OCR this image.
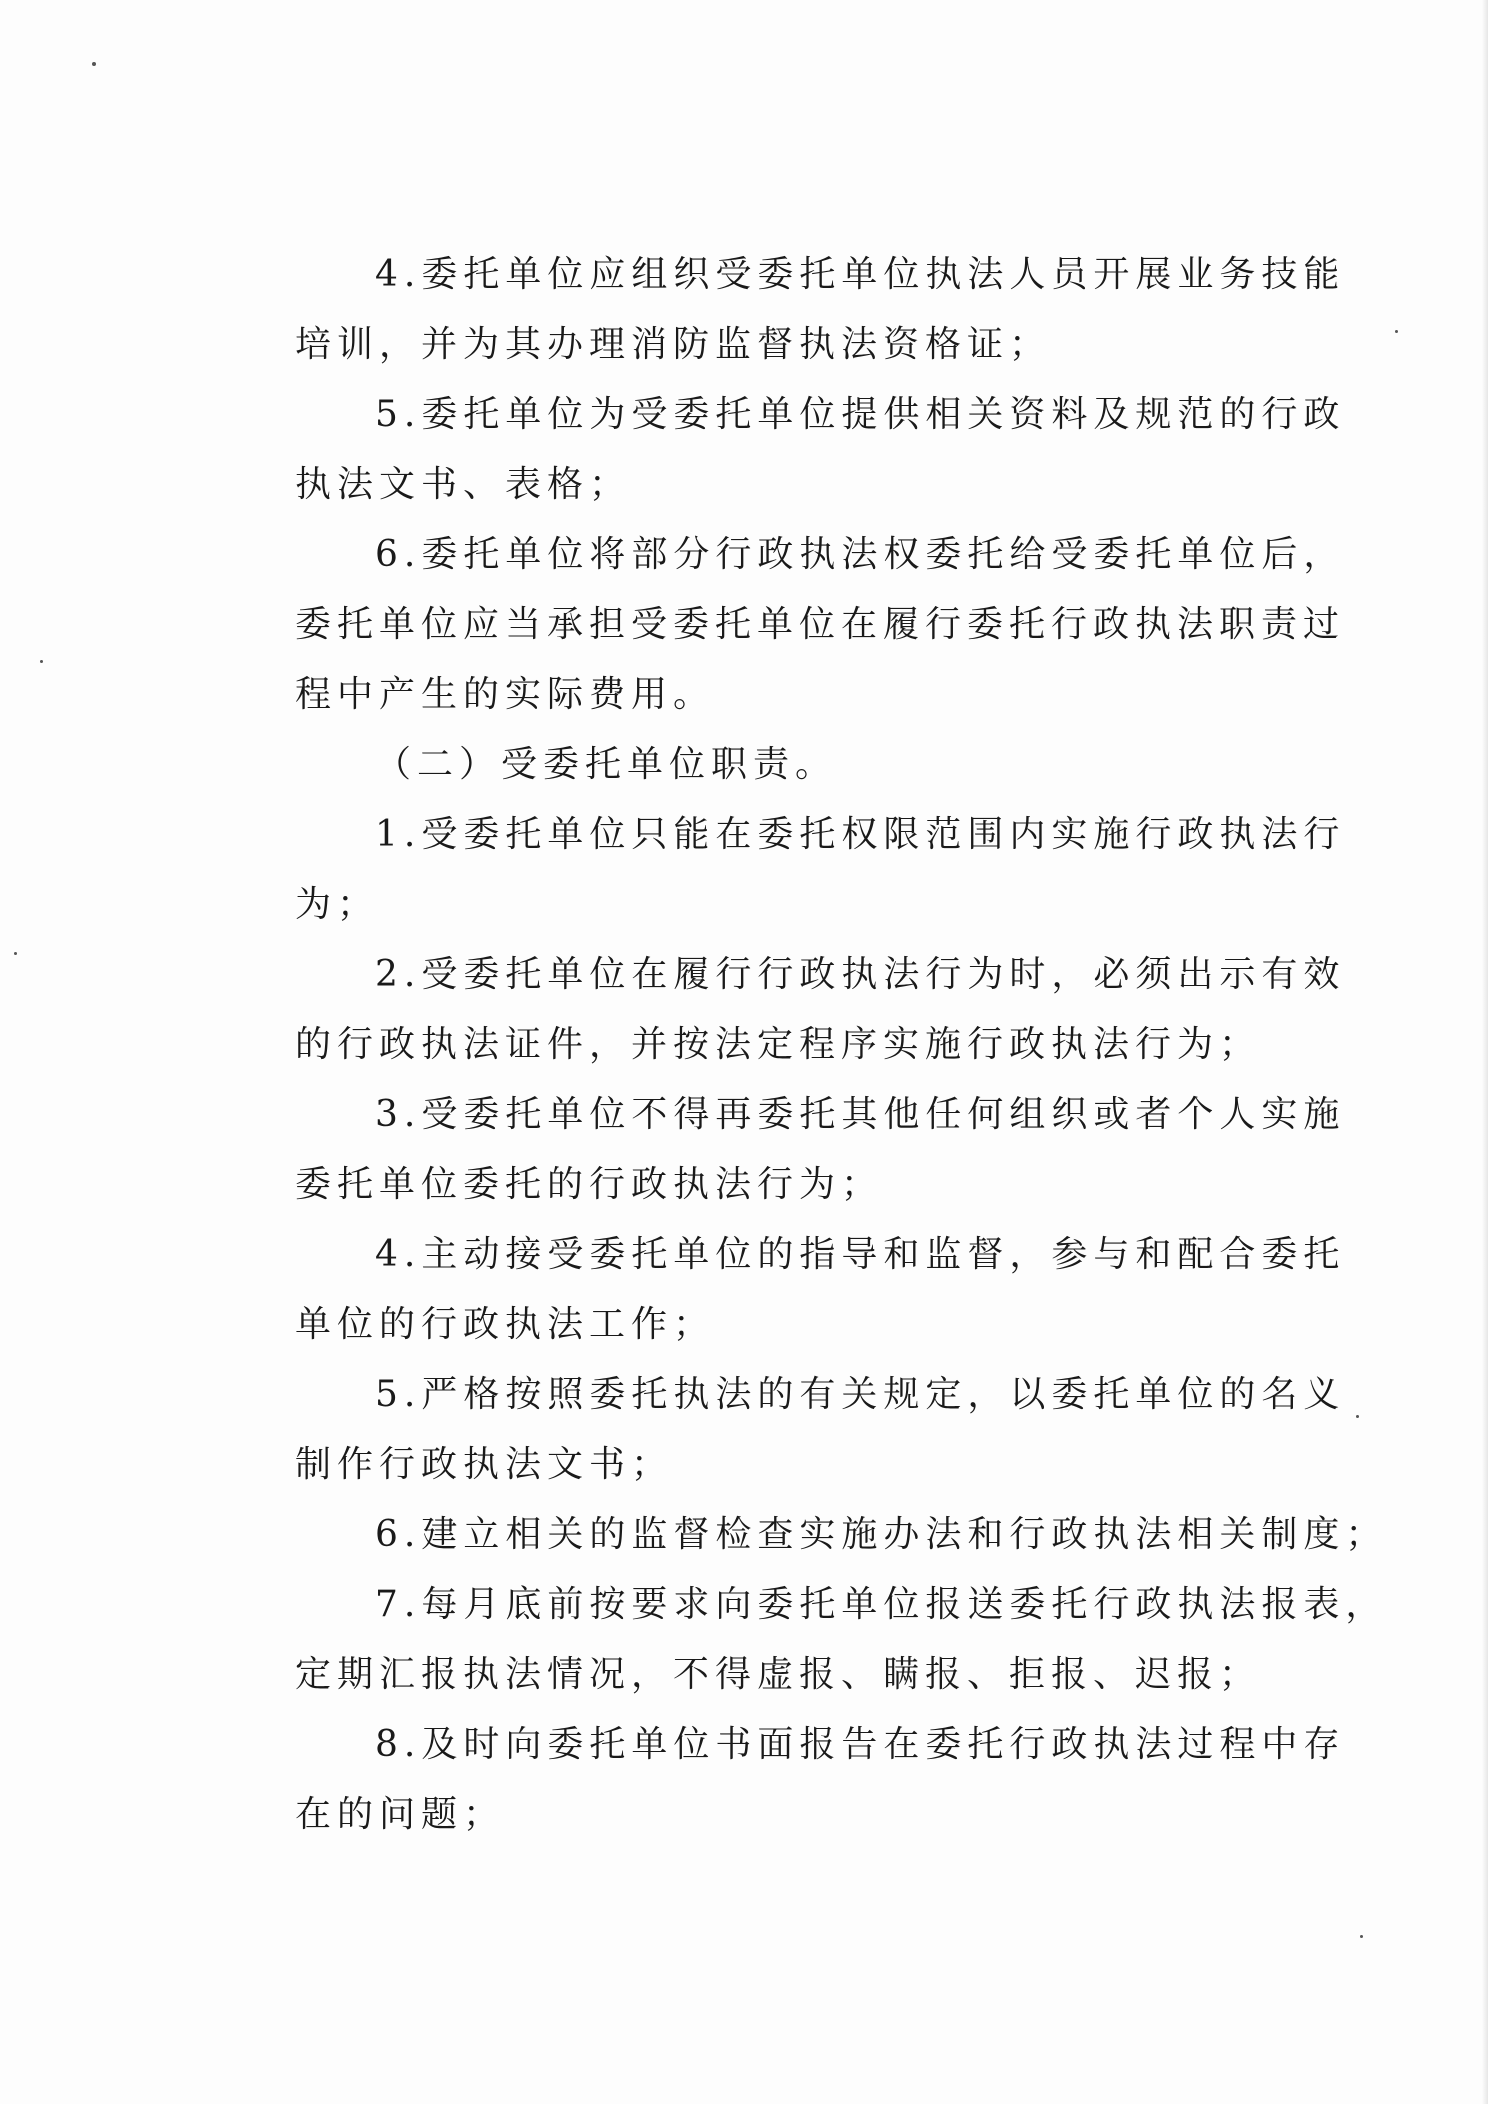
4.委托单位应组织受委托单位执法人员开展业务技能
培训，并为其办理消防监督执法资格证；

5.委托单位为受委托单位提供相关资料及规范的行政
执法文书、表格；

6.委托单位将部分行政执法权委托给受委托单位后，
委托单位应当承担受委托单位在履行委托行政执法职责过
程中产生的实际费用。

（二）受委托单位职责。

1.受委托单位只能在委托权限范围内实施行政执法行
为；

2.受委托单位在履行行政执法行为时，必须出示有效
的行政执法证件，并按法定程序实施行政执法行为；

3.受委托单位不得再委托其他任何组织或者个人实施
委托单位委托的行政执法行为；

4.主动接受委托单位的指导和监督，参与和配合委托
单位的行政执法工作；

5.严格按照委托执法的有关规定，以委托单位的名义
制作行政执法文书；

6.建立相关的监督检查实施办法和行政执法相关制度；

7.每月底前按要求向委托单位报送委托行政执法报表，
定期汇报执法情况，不得虚报、瞒报、拒报、迟报；

8.及时向委托单位书面报告在委托行政执法过程中存
在的问题；
